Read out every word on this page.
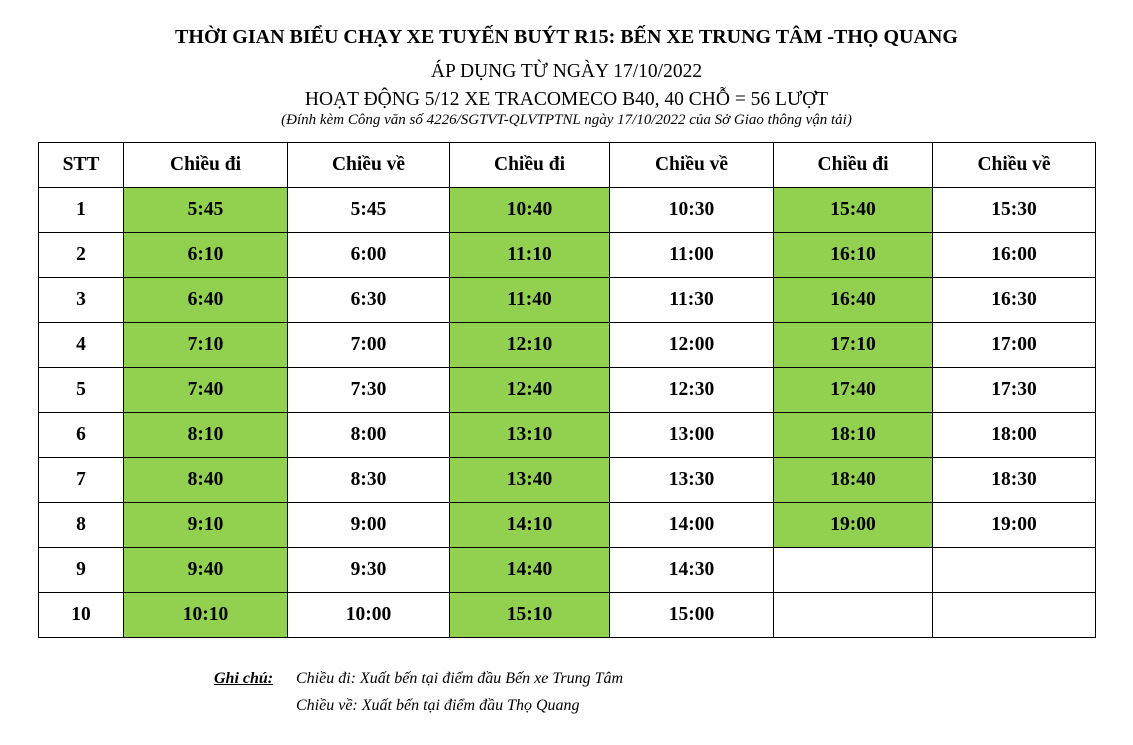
THỜI GIAN BIỂU CHẠY XE TUYẾN BUÝT R15: BẾN XE TRUNG TÂM -THỌ QUANG
ÁP DỤNG TỪ NGÀY 17/10/2022
HOẠT ĐỘNG 5/12 XE TRACOMECO B40, 40 CHỖ = 56 LƯỢT
(Đính kèm Công văn số 4226/SGTVT-QLVTPTNL ngày 17/10/2022 của Sở Giao thông vận tải)
STT	Chiều đi	Chiều về	Chiều đi	Chiều về	Chiều đi	Chiều về
1	5:45	5:45	10:40	10:30	15:40	15:30
2	6:10	6:00	11:10	11:00	16:10	16:00
3	6:40	6:30	11:40	11:30	16:40	16:30
4	7:10	7:00	12:10	12:00	17:10	17:00
5	7:40	7:30	12:40	12:30	17:40	17:30
6	8:10	8:00	13:10	13:00	18:10	18:00
7	8:40	8:30	13:40	13:30	18:40	18:30
8	9:10	9:00	14:10	14:00	19:00	19:00
9	9:40	9:30	14:40	14:30		
10	10:10	10:00	15:10	15:00		
Ghi chú: Chiều đi: Xuất bến tại điểm đầu Bến xe Trung Tâm
Chiều về: Xuất bến tại điểm đầu Thọ Quang
